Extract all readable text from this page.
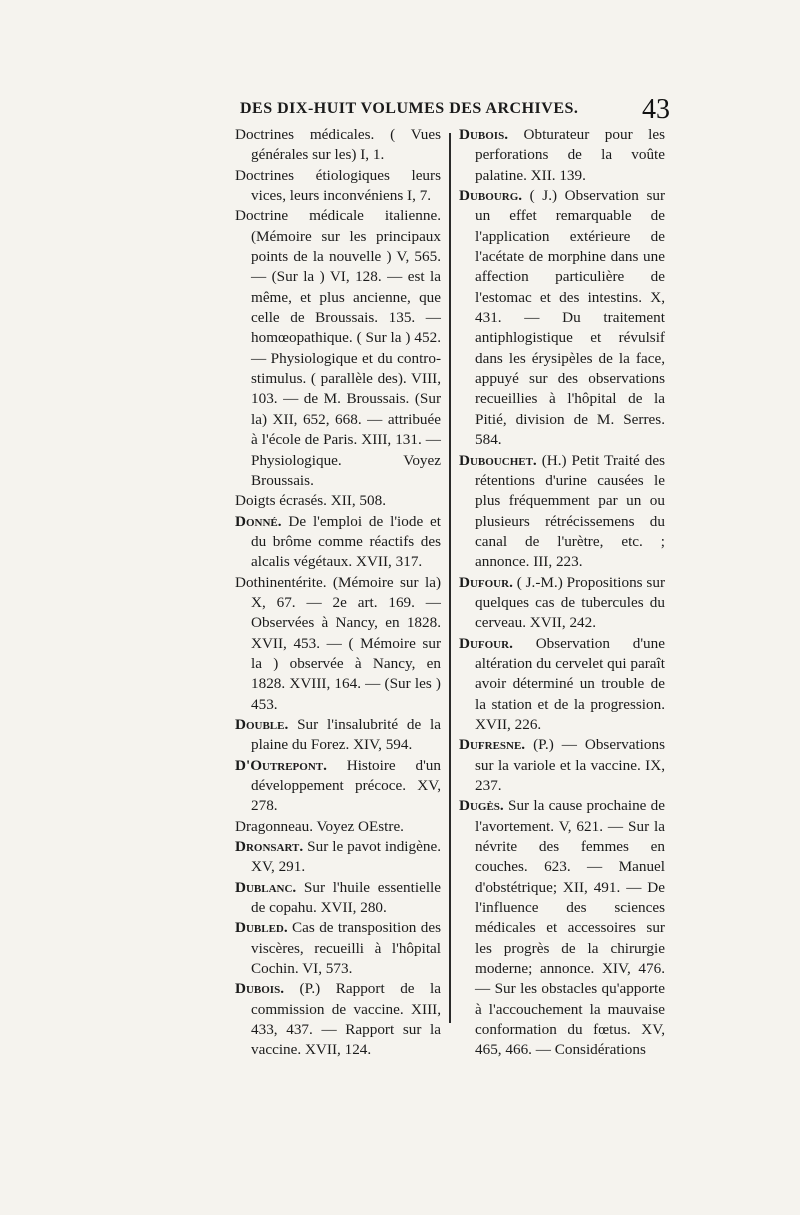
DES DIX-HUIT VOLUMES DES ARCHIVES. 43

Doctrines médicales. ( Vues générales sur les) I, 1.

Doctrines étiologiques leurs vices, leurs inconvéniens I, 7.

Doctrine médicale italienne. (Mémoire sur les principaux points de la nouvelle ) V, 565. — (Sur la ) VI, 128. — est la même, et plus ancienne, que celle de Broussais. 135. — homœopathique. ( Sur la ) 452. — Physiologique et du contro-stimulus. ( parallèle des). VIII, 103. — de M. Broussais. (Sur la) XII, 652, 668. — attribuée à l'école de Paris. XIII, 131. — Physiologique. Voyez Broussais.

Doigts écrasés. XII, 508.

Donné. De l'emploi de l'iode et du brôme comme réactifs des alcalis végétaux. XVII, 317.

Dothinentérite. (Mémoire sur la) X, 67. — 2e art. 169. — Observées à Nancy, en 1828. XVII, 453. — ( Mémoire sur la ) observée à Nancy, en 1828. XVIII, 164. — (Sur les ) 453.

Double. Sur l'insalubrité de la plaine du Forez. XIV, 594.

D'Outrepont. Histoire d'un développement précoce. XV, 278.

Dragonneau. Voyez OEstre.

Dronsart. Sur le pavot indigène. XV, 291.

Dublanc. Sur l'huile essentielle de copahu. XVII, 280.

Dubled. Cas de transposition des viscères, recueilli à l'hôpital Cochin. VI, 573.

Dubois. (P.) Rapport de la commission de vaccine. XIII, 433, 437. — Rapport sur la vaccine. XVII, 124.

Dubois. Obturateur pour les perforations de la voûte palatine. XII. 139.

Dubourg. ( J.) Observation sur un effet remarquable de l'application extérieure de l'acétate de morphine dans une affection particulière de l'estomac et des intestins. X, 431. — Du traitement antiphlogistique et révulsif dans les érysipèles de la face, appuyé sur des observations recueillies à l'hôpital de la Pitié, division de M. Serres. 584.

Dubouchet. (H.) Petit Traité des rétentions d'urine causées le plus fréquemment par un ou plusieurs rétrécissemens du canal de l'urètre, etc. ; annonce. III, 223.

Dufour. ( J.-M.) Propositions sur quelques cas de tubercules du cerveau. XVII, 242.

Dufour. Observation d'une altération du cervelet qui paraît avoir déterminé un trouble de la station et de la progression. XVII, 226.

Dufresne. (P.) — Observations sur la variole et la vaccine. IX, 237.

Dugès. Sur la cause prochaine de l'avortement. V, 621. — Sur la névrite des femmes en couches. 623. — Manuel d'obstétrique; XII, 491. — De l'influence des sciences médicales et accessoires sur les progrès de la chirurgie moderne; annonce. XIV, 476. — Sur les obstacles qu'apporte à l'accouchement la mauvaise conformation du fœtus. XV, 465, 466. — Considérations
